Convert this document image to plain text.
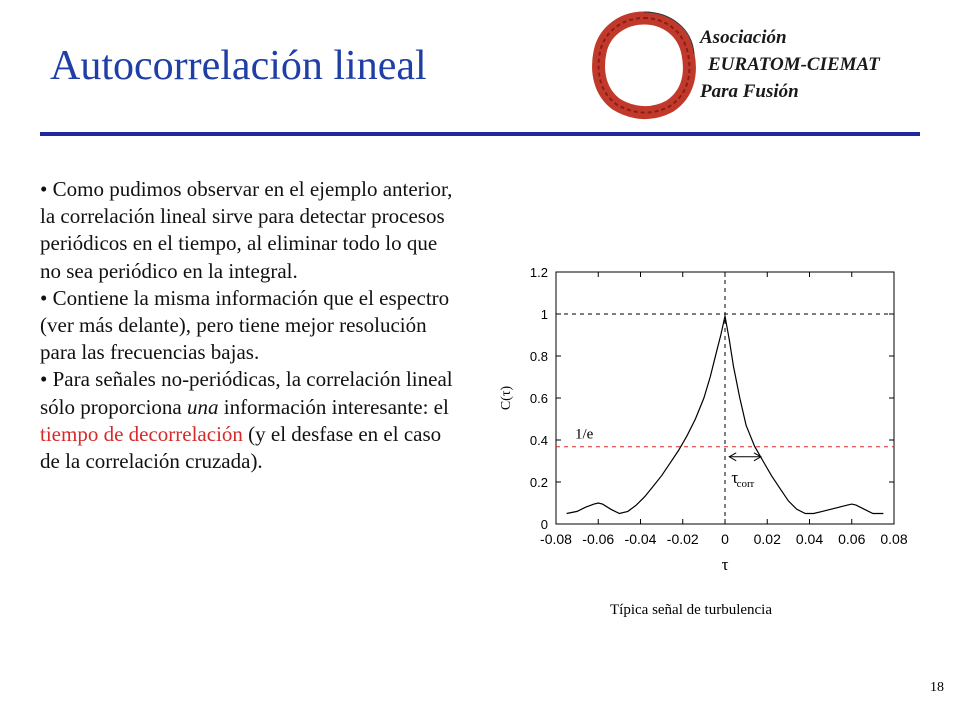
Autocorrelación lineal
Asociación
EURATOM-CIEMAT
Para Fusión

• Como pudimos observar en el ejemplo anterior, la correlación lineal sirve para detectar procesos periódicos en el tiempo, al eliminar todo lo que no sea periódico en la integral.

• Contiene la misma información que el espectro (ver más delante), pero tiene mejor resolución para las frecuencias bajas.

• Para señales no-periódicas, la correlación lineal sólo proporciona una información interesante: el tiempo de decorrelación (y el desfase en el caso de la correlación cruzada).

-0.08 -0.06 -0.04 -0.02 0 0.02 0.04 0.06 0.08
0
0.2
0.4
0.6
0.8
1
1.2
1/e
τ
corr
τ
C(τ)
Típica señal de turbulencia
18
